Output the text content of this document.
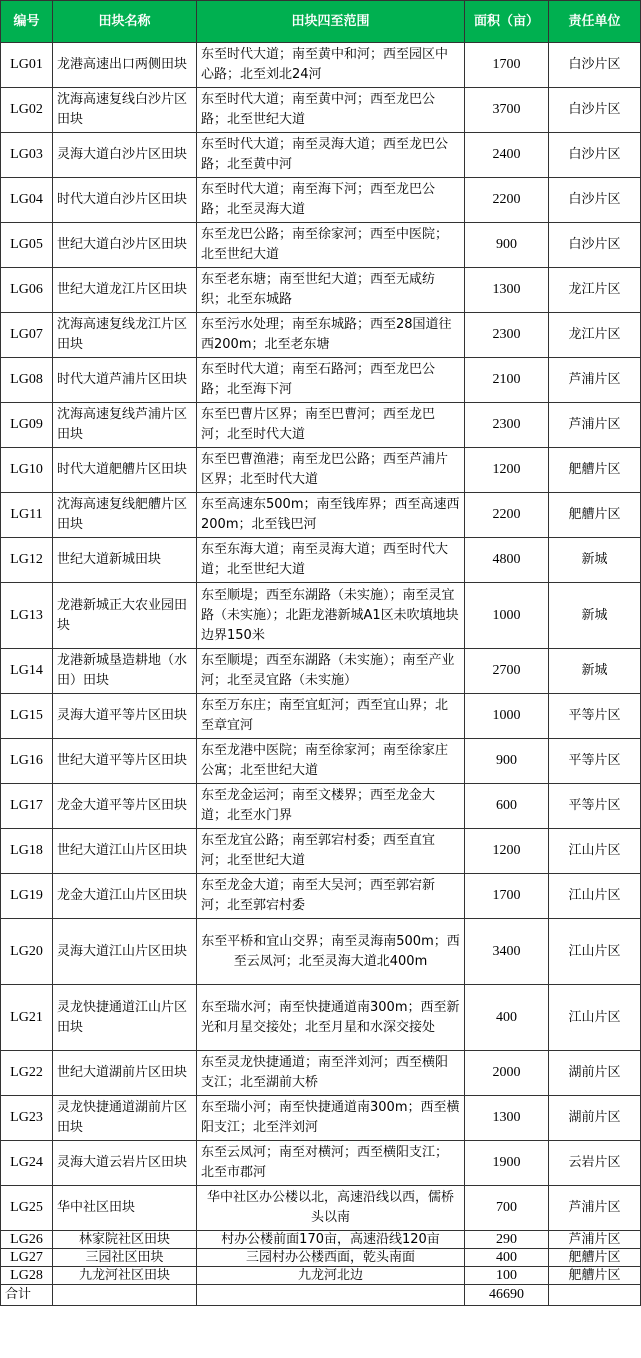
编号	田块名称	田块四至范围	面积（亩）	责任单位
LG01	龙港高速出口两侧田块	东至时代大道；南至黄中和河；西至园区中心路；北至刘北24河	1700	白沙片区
LG02	沈海高速复线白沙片区田块	东至时代大道；南至黄中河；西至龙巴公路；北至世纪大道	3700	白沙片区
LG03	灵海大道白沙片区田块	东至时代大道；南至灵海大道；西至龙巴公路；北至黄中河	2400	白沙片区
LG04	时代大道白沙片区田块	东至时代大道；南至海下河；西至龙巴公路；北至灵海大道	2200	白沙片区
LG05	世纪大道白沙片区田块	东至龙巴公路；南至徐家河；西至中医院；北至世纪大道	900	白沙片区
LG06	世纪大道龙江片区田块	东至老东塘；南至世纪大道；西至无咸纺织；北至东城路	1300	龙江片区
LG07	沈海高速复线龙江片区田块	东至污水处理；南至东城路；西至28国道往西200m；北至老东塘	2300	龙江片区
LG08	时代大道芦浦片区田块	东至时代大道；南至石路河；西至龙巴公路；北至海下河	2100	芦浦片区
LG09	沈海高速复线芦浦片区田块	东至巴曹片区界；南至巴曹河；西至龙巴河；北至时代大道	2300	芦浦片区
LG10	时代大道舥艚片区田块	东至巴曹渔港；南至龙巴公路；西至芦浦片区界；北至时代大道	1200	舥艚片区
LG11	沈海高速复线舥艚片区田块	东至高速东500m；南至钱库界；西至高速西200m；北至钱巴河	2200	舥艚片区
LG12	世纪大道新城田块	东至东海大道；南至灵海大道；西至时代大道；北至世纪大道	4800	新城
LG13	龙港新城正大农业园田块	东至顺堤；西至东湖路（未实施）；南至灵宜路（未实施）；北距龙港新城A1区未吹填地块边界150米	1000	新城
LG14	龙港新城垦造耕地（水田）田块	东至顺堤；西至东湖路（未实施）；南至产业河；北至灵宜路（未实施）	2700	新城
LG15	灵海大道平等片区田块	东至万东庄；南至宜虹河；西至宜山界；北至章宜河	1000	平等片区
LG16	世纪大道平等片区田块	东至龙港中医院；南至徐家河；南至徐家庄公寓；北至世纪大道	900	平等片区
LG17	龙金大道平等片区田块	东至龙金运河；南至文楼界；西至龙金大道；北至水门界	600	平等片区
LG18	世纪大道江山片区田块	东至龙宜公路；南至郭宕村委；西至直宜河；北至世纪大道	1200	江山片区
LG19	龙金大道江山片区田块	东至龙金大道；南至大吴河；西至郭宕新河；北至郭宕村委	1700	江山片区
LG20	灵海大道江山片区田块	东至平桥和宜山交界；南至灵海南500m；西至云凤河；北至灵海大道北400m	3400	江山片区
LG21	灵龙快捷通道江山片区田块	东至瑞水河；南至快捷通道南300m；西至新光和月星交接处；北至月星和水深交接处	400	江山片区
LG22	世纪大道湖前片区田块	东至灵龙快捷通道；南至泮刘河；西至横阳支江；北至湖前大桥	2000	湖前片区
LG23	灵龙快捷通道湖前片区田块	东至瑞小河；南至快捷通道南300m；西至横阳支江；北至泮刘河	1300	湖前片区
LG24	灵海大道云岩片区田块	东至云凤河；南至对横河；西至横阳支江；北至市郡河	1900	云岩片区
LG25	华中社区田块	华中社区办公楼以北，高速沿线以西，儒桥头以南	700	芦浦片区
LG26	林家院社区田块	村办公楼前面170亩，高速沿线120亩	290	芦浦片区
LG27	三园社区田块	三园村办公楼西面，乾头南面	400	舥艚片区
LG28	九龙河社区田块	九龙河北边	100	舥艚片区
合计			46690	
